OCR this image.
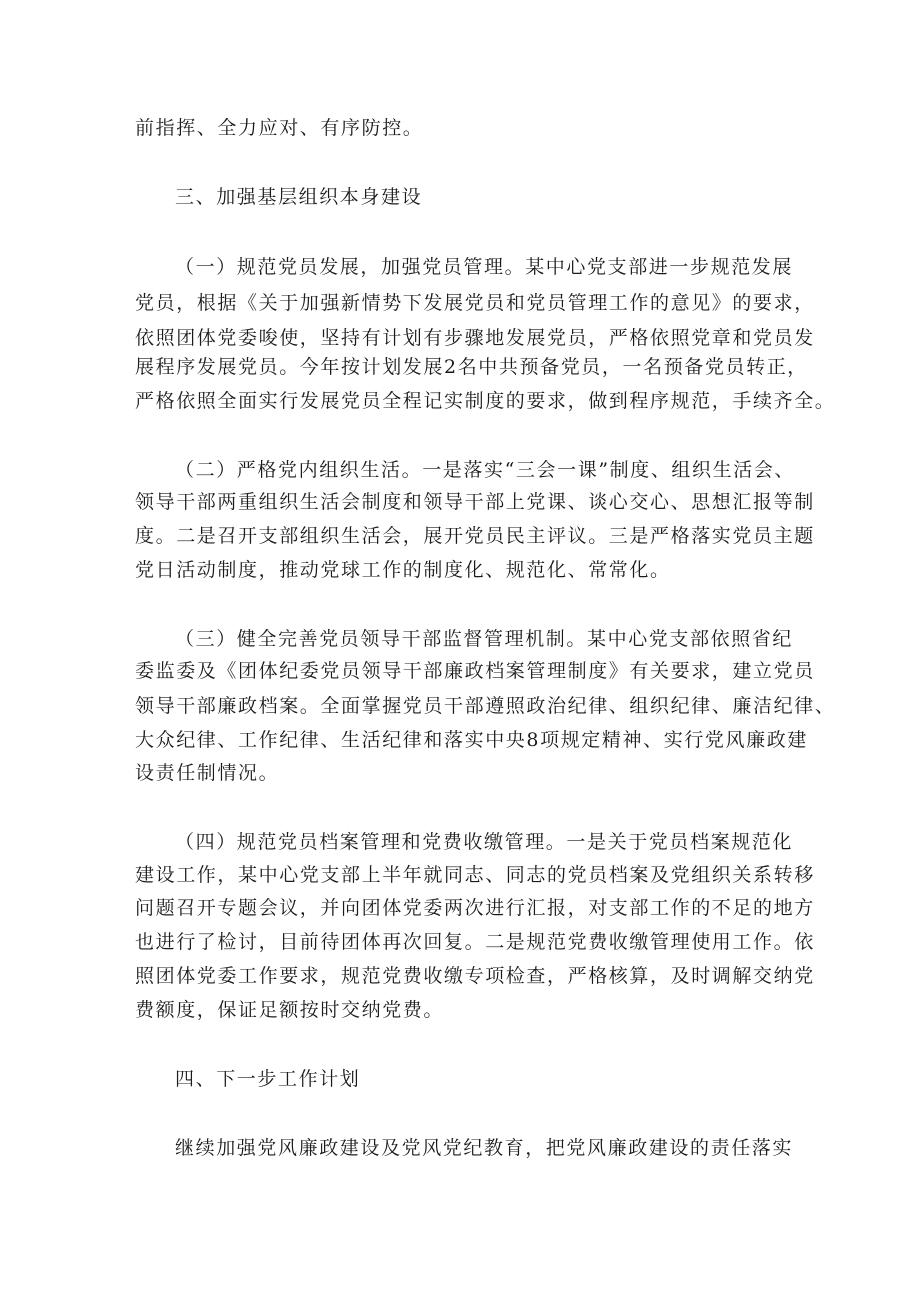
前指挥、全力应对、有序防控。
三、加强基层组织本身建设
（一）规范党员发展，加强党员管理。某中心党支部进一步规范发展
党员，根据《关于加强新情势下发展党员和党员管理工作的意见》的要求，
依照团体党委唆使，坚持有计划有步骤地发展党员，严格依照党章和党员发
展程序发展党员。今年按计划发展2名中共预备党员，一名预备党员转正，
严格依照全面实行发展党员全程记实制度的要求，做到程序规范，手续齐全。
（二）严格党内组织生活。一是落实“三会一课”制度、组织生活会、
领导干部两重组织生活会制度和领导干部上党课、谈心交心、思想汇报等制
度。二是召开支部组织生活会，展开党员民主评议。三是严格落实党员主题
党日活动制度，推动党球工作的制度化、规范化、常常化。
（三）健全完善党员领导干部监督管理机制。某中心党支部依照省纪
委监委及《团体纪委党员领导干部廉政档案管理制度》有关要求，建立党员
领导干部廉政档案。全面掌握党员干部遵照政治纪律、组织纪律、廉洁纪律、
大众纪律、工作纪律、生活纪律和落实中央8项规定精神、实行党风廉政建
设责任制情况。
（四）规范党员档案管理和党费收缴管理。一是关于党员档案规范化
建设工作，某中心党支部上半年就同志、同志的党员档案及党组织关系转移
问题召开专题会议，并向团体党委两次进行汇报，对支部工作的不足的地方
也进行了检讨，目前待团体再次回复。二是规范党费收缴管理使用工作。依
照团体党委工作要求，规范党费收缴专项检查，严格核算，及时调解交纳党
费额度，保证足额按时交纳党费。
四、下一步工作计划
继续加强党风廉政建设及党风党纪教育，把党风廉政建设的责任落实
